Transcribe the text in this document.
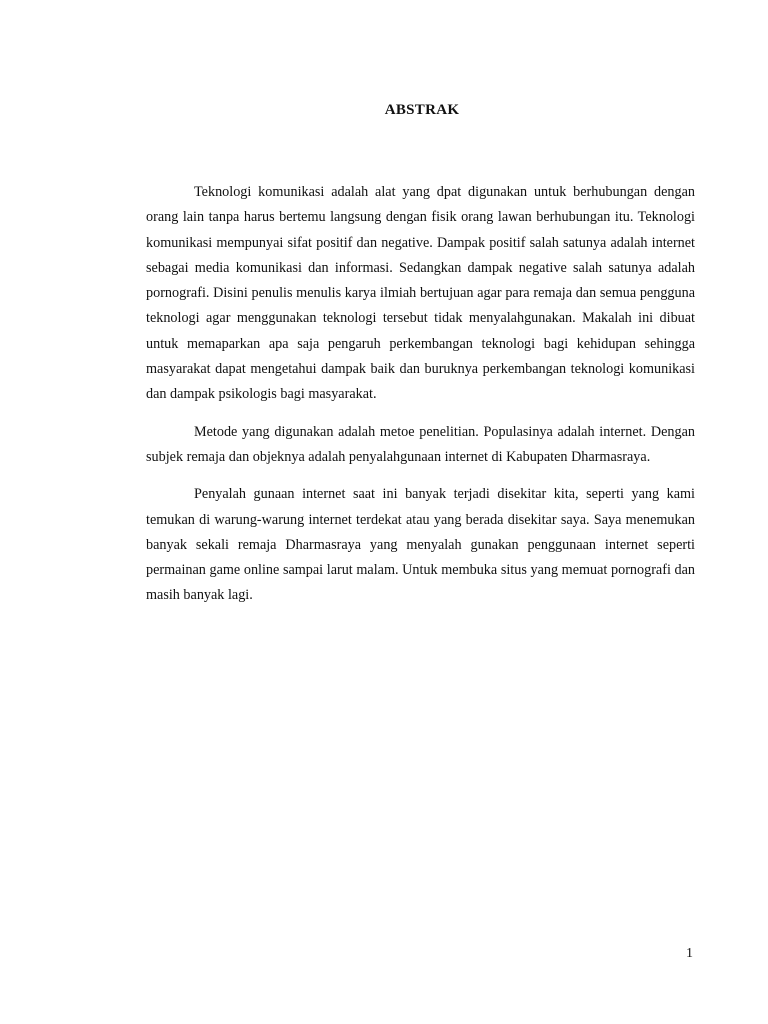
ABSTRAK

Teknologi komunikasi adalah alat yang dpat digunakan untuk berhubungan dengan orang lain tanpa harus bertemu langsung dengan fisik orang lawan berhubungan itu. Teknologi komunikasi mempunyai sifat positif dan negative. Dampak positif salah satunya adalah internet sebagai media komunikasi dan informasi. Sedangkan dampak negative salah satunya adalah pornografi. Disini penulis menulis karya ilmiah bertujuan agar para remaja dan semua pengguna teknologi agar menggunakan teknologi tersebut tidak menyalahgunakan. Makalah ini dibuat untuk memaparkan apa saja pengaruh perkembangan teknologi bagi kehidupan sehingga masyarakat dapat mengetahui dampak baik dan buruknya perkembangan teknologi komunikasi dan dampak psikologis bagi masyarakat.

Metode yang digunakan adalah metoe penelitian. Populasinya adalah internet. Dengan subjek remaja dan objeknya adalah penyalahgunaan internet di Kabupaten Dharmasraya.

Penyalah gunaan internet saat ini banyak terjadi disekitar kita, seperti yang kami temukan di warung-warung internet terdekat atau yang berada disekitar saya. Saya menemukan banyak sekali remaja Dharmasraya yang menyalah gunakan penggunaan internet seperti permainan game online sampai larut malam. Untuk membuka situs yang memuat pornografi dan masih banyak lagi.

1
